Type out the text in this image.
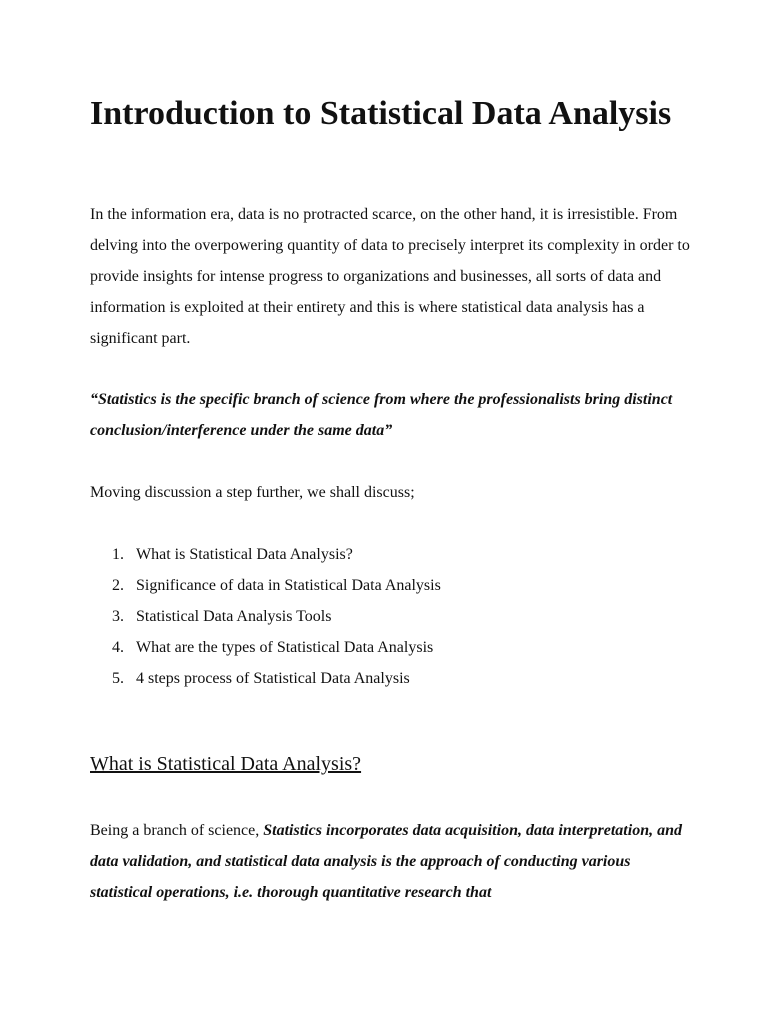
Introduction to Statistical Data Analysis

In the information era, data is no protracted scarce, on the other hand, it is irresistible. From delving into the overpowering quantity of data to precisely interpret its complexity in order to provide insights for intense progress to organizations and businesses, all sorts of data and information is exploited at their entirety and this is where statistical data analysis has a significant part.

“Statistics is the specific branch of science from where the professionalists bring distinct conclusion/interference under the same data”

Moving discussion a step further, we shall discuss;

1. What is Statistical Data Analysis?
2. Significance of data in Statistical Data Analysis
3. Statistical Data Analysis Tools
4. What are the types of Statistical Data Analysis
5. 4 steps process of Statistical Data Analysis
What is Statistical Data Analysis?

Being a branch of science, Statistics incorporates data acquisition, data interpretation, and data validation, and statistical data analysis is the approach of conducting various statistical operations, i.e. thorough quantitative research that
